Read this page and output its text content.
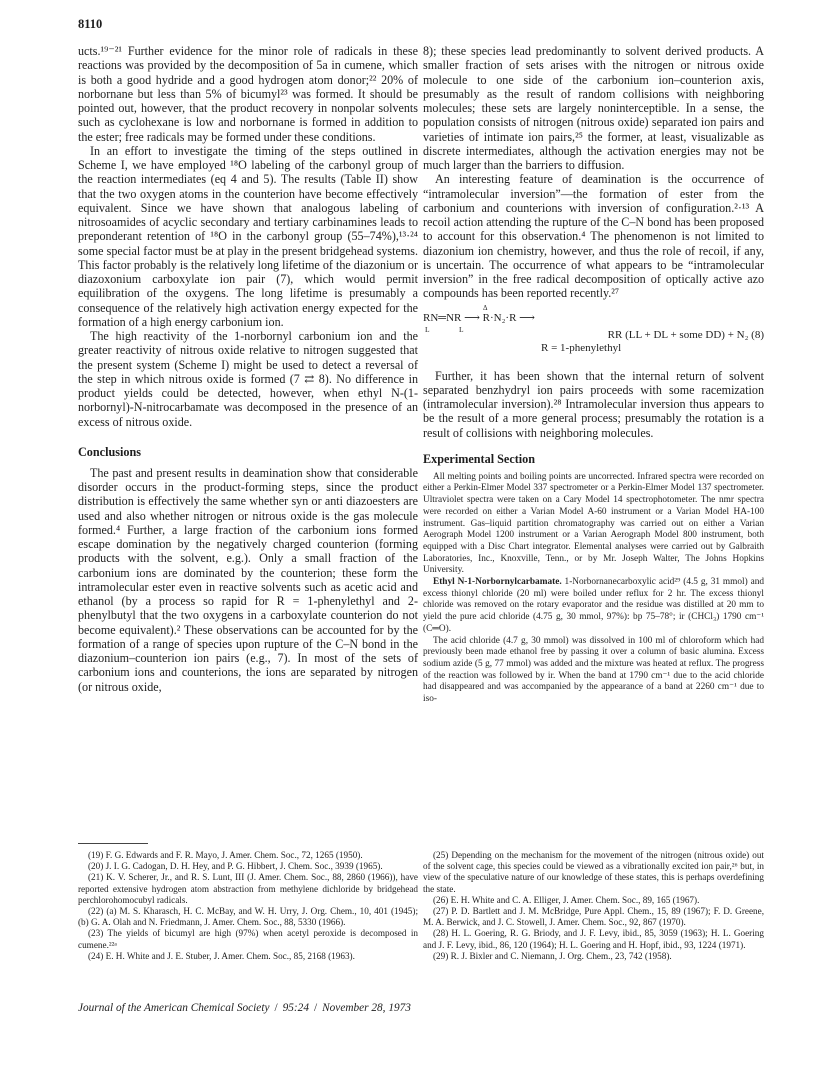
8110

ucts.¹⁹⁻²¹ Further evidence for the minor role of radicals in these reactions was provided by the decomposition of 5a in cumene, which is both a good hydride and a good hydrogen atom donor;²² 20% of norbornane but less than 5% of bicumyl²³ was formed. It should be pointed out, however, that the product recovery in nonpolar solvents such as cyclohexane is low and norbornane is formed in addition to the ester; free radicals may be formed under these conditions.

In an effort to investigate the timing of the steps outlined in Scheme I, we have employed ¹⁸O labeling of the carbonyl group of the reaction intermediates (eq 4 and 5). The results (Table II) show that the two oxygen atoms in the counterion have become effectively equivalent. Since we have shown that analogous labeling of nitrosoamides of acyclic secondary and tertiary carbinamines leads to preponderant retention of ¹⁸O in the carbonyl group (55–74%),¹³·²⁴ some special factor must be at play in the present bridgehead systems. This factor probably is the relatively long lifetime of the diazonium or diazoxonium carboxylate ion pair (7), which would permit equilibration of the oxygens. The long lifetime is presumably a consequence of the relatively high activation energy expected for the formation of a high energy carbonium ion.

The high reactivity of the 1-norbornyl carbonium ion and the greater reactivity of nitrous oxide relative to nitrogen suggested that the present system (Scheme I) might be used to detect a reversal of the step in which nitrous oxide is formed (7 ⇄ 8). No difference in product yields could be detected, however, when ethyl N-(1-norbornyl)-N-nitrocarbamate was decomposed in the presence of an excess of nitrous oxide.

Conclusions

The past and present results in deamination show that considerable disorder occurs in the product-forming steps, since the product distribution is effectively the same whether syn or anti diazoesters are used and also whether nitrogen or nitrous oxide is the gas molecule formed.⁴ Further, a large fraction of the carbonium ions formed escape domination by the negatively charged counterion (forming products with the solvent, e.g.). Only a small fraction of the carbonium ions are dominated by the counterion; these form the intramolecular ester even in reactive solvents such as acetic acid and ethanol (by a process so rapid for R = 1-phenylethyl and 2-phenylbutyl that the two oxygens in a carboxylate counterion do not become equivalent).² These observations can be accounted for by the formation of a range of species upon rupture of the C–N bond in the diazonium–counterion ion pairs (e.g., 7). In most of the sets of carbonium ions and counterions, the ions are separated by nitrogen (or nitrous oxide,

8); these species lead predominantly to solvent derived products. A smaller fraction of sets arises with the nitrogen or nitrous oxide molecule to one side of the carbonium ion–counterion axis, presumably as the result of random collisions with neighboring molecules; these sets are largely noninterceptible. In a sense, the population consists of nitrogen (nitrous oxide) separated ion pairs and varieties of intimate ion pairs,²⁵ the former, at least, visualizable as discrete intermediates, although the activation energies may not be much larger than the barriers to diffusion.

An interesting feature of deamination is the occurrence of “intramolecular inversion”—the formation of ester from the carbonium and counterions with inversion of configuration.²·¹³ A recoil action attending the rupture of the C–N bond has been proposed to account for this observation.⁴ The phenomenon is not limited to diazonium ion chemistry, however, and thus the role of recoil, if any, is uncertain. The occurrence of what appears to be “intramolecular inversion” in the free radical decomposition of optically active azo compounds has been reported recently.²⁷

Δ
RN═NR ⟶ R·N₂·R ⟶
L	L	RR (LL + DL + some DD) + N₂ (8)
R = 1-phenylethyl

Further, it has been shown that the internal return of solvent separated benzhydryl ion pairs proceeds with some racemization (intramolecular inversion).²⁸ Intramolecular inversion thus appears to be the result of a more general process; presumably the rotation is a result of collisions with neighboring molecules.

Experimental Section

All melting points and boiling points are uncorrected. Infrared spectra were recorded on either a Perkin-Elmer Model 337 spectrometer or a Perkin-Elmer Model 137 spectrometer. Ultraviolet spectra were taken on a Cary Model 14 spectrophotometer. The nmr spectra were recorded on either a Varian Model A-60 instrument or a Varian Model HA-100 instrument. Gas–liquid partition chromatography was carried out on either a Varian Aerograph Model 1200 instrument or a Varian Aerograph Model 800 instrument, both equipped with a Disc Chart integrator. Elemental analyses were carried out by Galbraith Laboratories, Inc., Knoxville, Tenn., or by Mr. Joseph Walter, The Johns Hopkins University.

Ethyl N-1-Norbornylcarbamate. 1-Norbornanecarboxylic acid²⁹ (4.5 g, 31 mmol) and excess thionyl chloride (20 ml) were boiled under reflux for 2 hr. The excess thionyl chloride was removed on the rotary evaporator and the residue was distilled at 20 mm to yield the pure acid chloride (4.75 g, 30 mmol, 97%): bp 75–78°; ir (CHCl₃) 1790 cm⁻¹ (C═O).

The acid chloride (4.7 g, 30 mmol) was dissolved in 100 ml of chloroform which had previously been made ethanol free by passing it over a column of basic alumina. Excess sodium azide (5 g, 77 mmol) was added and the mixture was heated at reflux. The progress of the reaction was followed by ir. When the band at 1790 cm⁻¹ due to the acid chloride had disappeared and was accompanied by the appearance of a band at 2260 cm⁻¹ due to iso-

(19) F. G. Edwards and F. R. Mayo, J. Amer. Chem. Soc., 72, 1265 (1950).

(20) J. I. G. Cadogan, D. H. Hey, and P. G. Hibbert, J. Chem. Soc., 3939 (1965).

(21) K. V. Scherer, Jr., and R. S. Lunt, III (J. Amer. Chem. Soc., 88, 2860 (1966)), have reported extensive hydrogen atom abstraction from methylene dichloride by bridgehead perchlorohomocubyl radicals.

(22) (a) M. S. Kharasch, H. C. McBay, and W. H. Urry, J. Org. Chem., 10, 401 (1945); (b) G. A. Olah and N. Friedmann, J. Amer. Chem. Soc., 88, 5330 (1966).

(23) The yields of bicumyl are high (97%) when acetyl peroxide is decomposed in cumene.²²ᵃ

(24) E. H. White and J. E. Stuber, J. Amer. Chem. Soc., 85, 2168 (1963).

(25) Depending on the mechanism for the movement of the nitrogen (nitrous oxide) out of the solvent cage, this species could be viewed as a vibrationally excited ion pair,²⁶ but, in view of the speculative nature of our knowledge of these states, this is perhaps overdefining the state.

(26) E. H. White and C. A. Elliger, J. Amer. Chem. Soc., 89, 165 (1967).

(27) P. D. Bartlett and J. M. McBridge, Pure Appl. Chem., 15, 89 (1967); F. D. Greene, M. A. Berwick, and J. C. Stowell, J. Amer. Chem. Soc., 92, 867 (1970).

(28) H. L. Goering, R. G. Briody, and J. F. Levy, ibid., 85, 3059 (1963); H. L. Goering and J. F. Levy, ibid., 86, 120 (1964); H. L. Goering and H. Hopf, ibid., 93, 1224 (1971).

(29) R. J. Bixler and C. Niemann, J. Org. Chem., 23, 742 (1958).

Journal of the American Chemical Society / 95:24 / November 28, 1973
